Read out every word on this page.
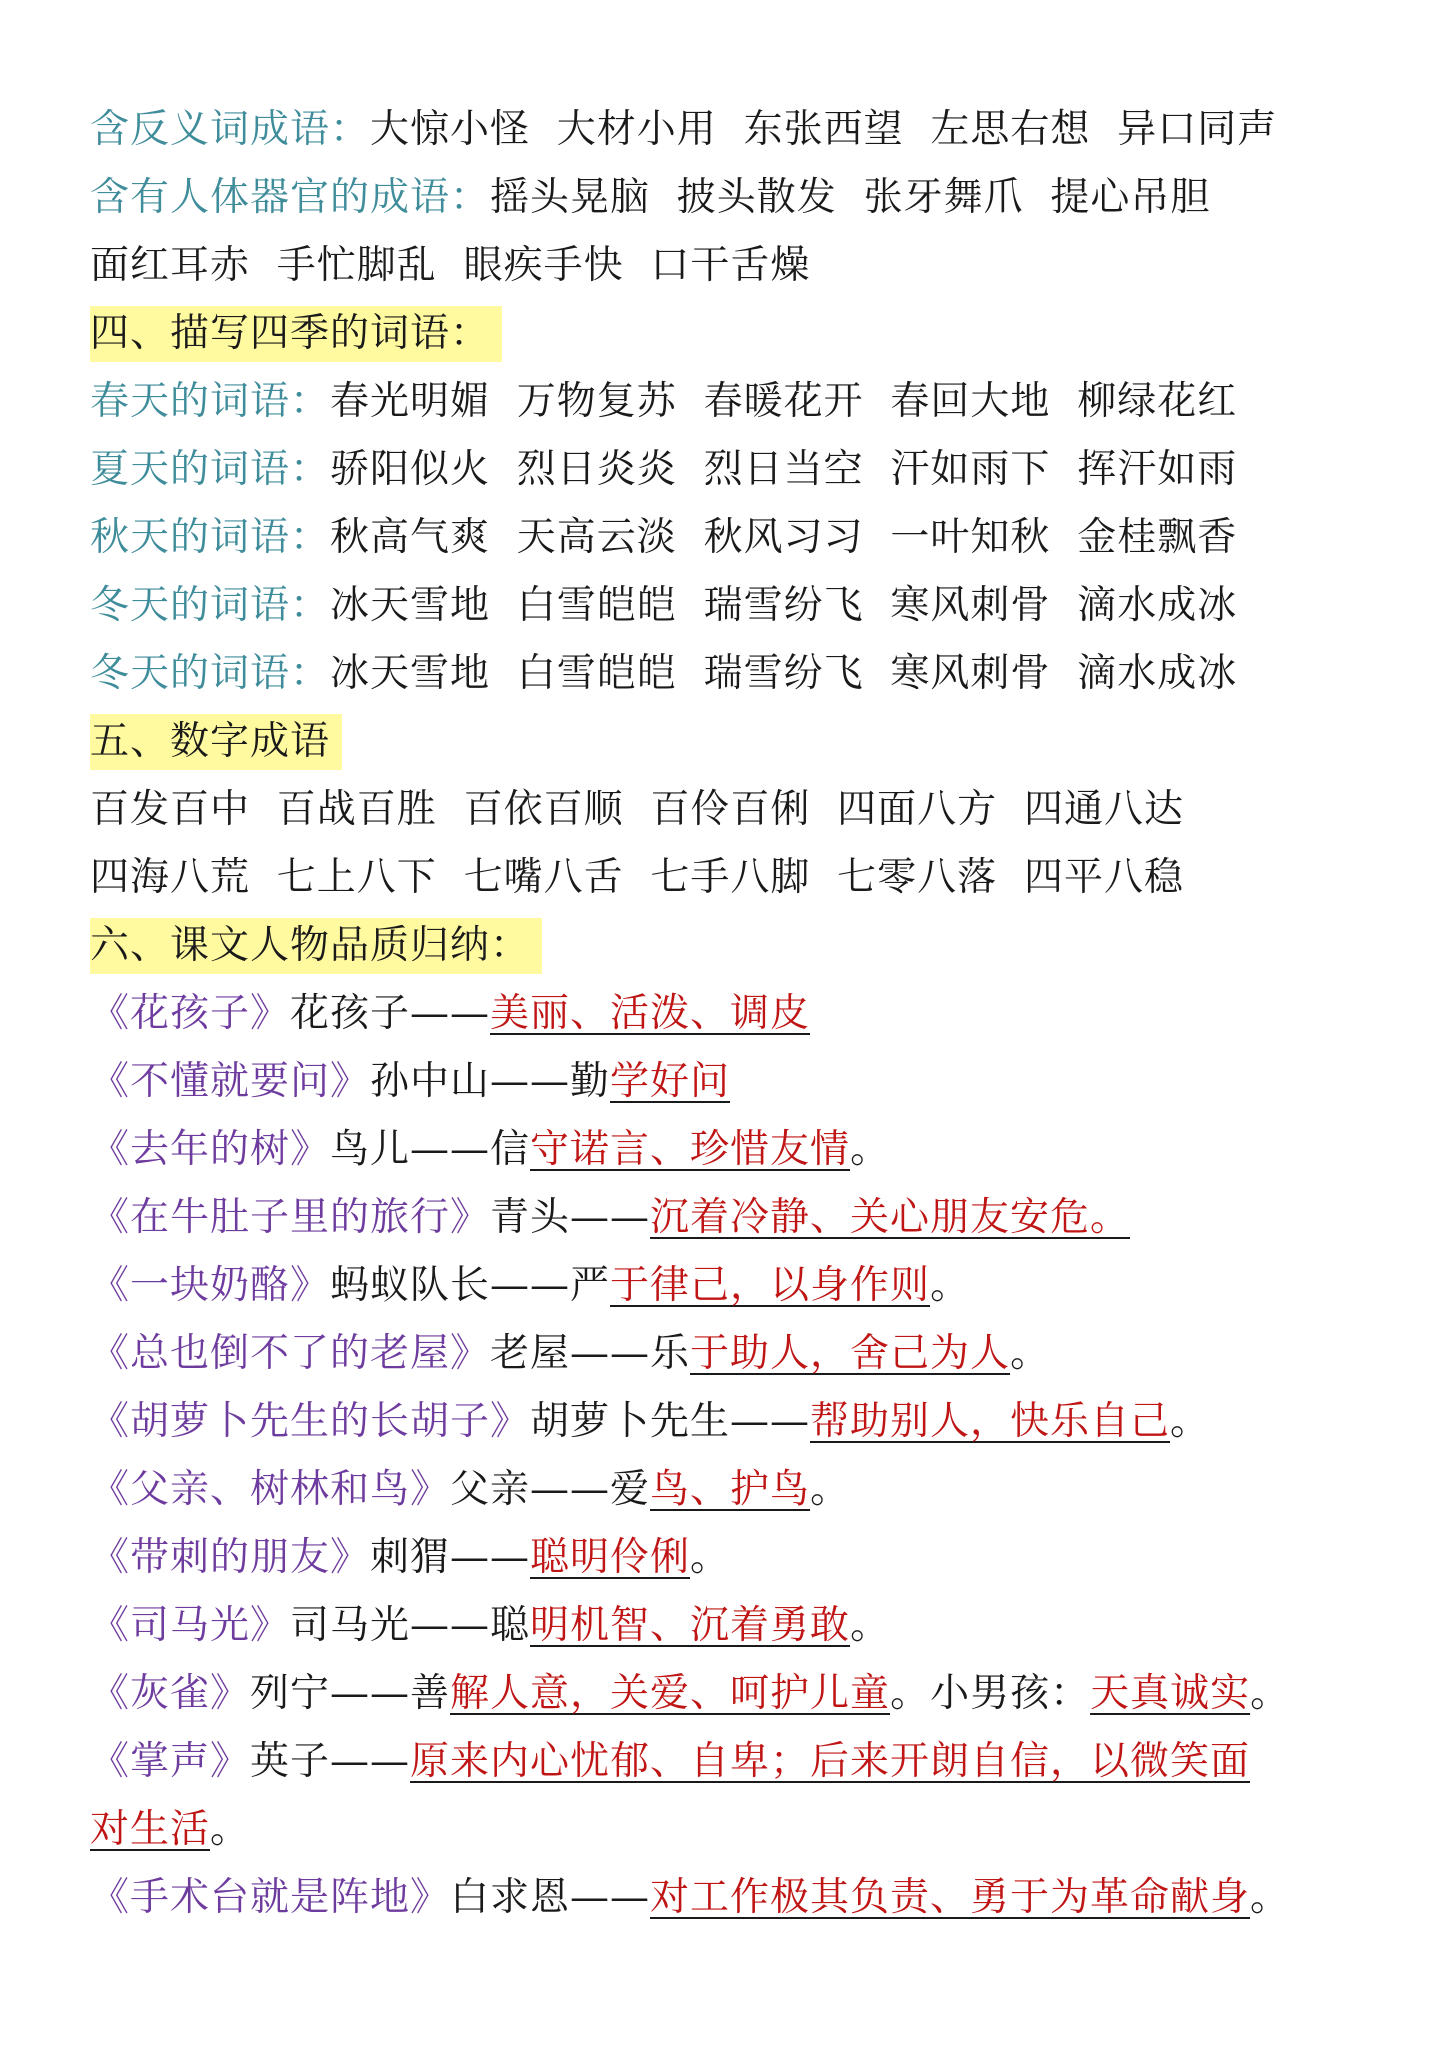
含反义词成语：大惊小怪  大材小用  东张西望  左思右想  异口同声
含有人体器官的成语：摇头晃脑  披头散发  张牙舞爪  提心吊胆
面红耳赤  手忙脚乱  眼疾手快  口干舌燥
四、描写四季的词语：
春天的词语：春光明媚  万物复苏  春暖花开  春回大地  柳绿花红
夏天的词语：骄阳似火  烈日炎炎  烈日当空  汗如雨下  挥汗如雨
秋天的词语：秋高气爽  天高云淡  秋风习习  一叶知秋  金桂飘香
冬天的词语：冰天雪地  白雪皑皑  瑞雪纷飞  寒风刺骨  滴水成冰
冬天的词语：冰天雪地  白雪皑皑  瑞雪纷飞  寒风刺骨  滴水成冰
五、数字成语
百发百中  百战百胜  百依百顺  百伶百俐  四面八方  四通八达
四海八荒  七上八下  七嘴八舌  七手八脚  七零八落  四平八稳
六、课文人物品质归纳：
《花孩子》花孩子——美丽、活泼、调皮
《不懂就要问》孙中山——勤学好问
《去年的树》鸟儿——信守诺言、珍惜友情。
《在牛肚子里的旅行》青头——沉着冷静、关心朋友安危。
《一块奶酪》蚂蚁队长——严于律己，以身作则。
《总也倒不了的老屋》老屋——乐于助人，舍己为人。
《胡萝卜先生的长胡子》胡萝卜先生——帮助别人，快乐自己。
《父亲、树林和鸟》父亲——爱鸟、护鸟。
《带刺的朋友》刺猬——聪明伶俐。
《司马光》司马光——聪明机智、沉着勇敢。
《灰雀》列宁——善解人意，关爱、呵护儿童。小男孩：天真诚实。
《掌声》英子——原来内心忧郁、自卑；后来开朗自信，以微笑面
对生活。
《手术台就是阵地》白求恩——对工作极其负责、勇于为革命献身。
